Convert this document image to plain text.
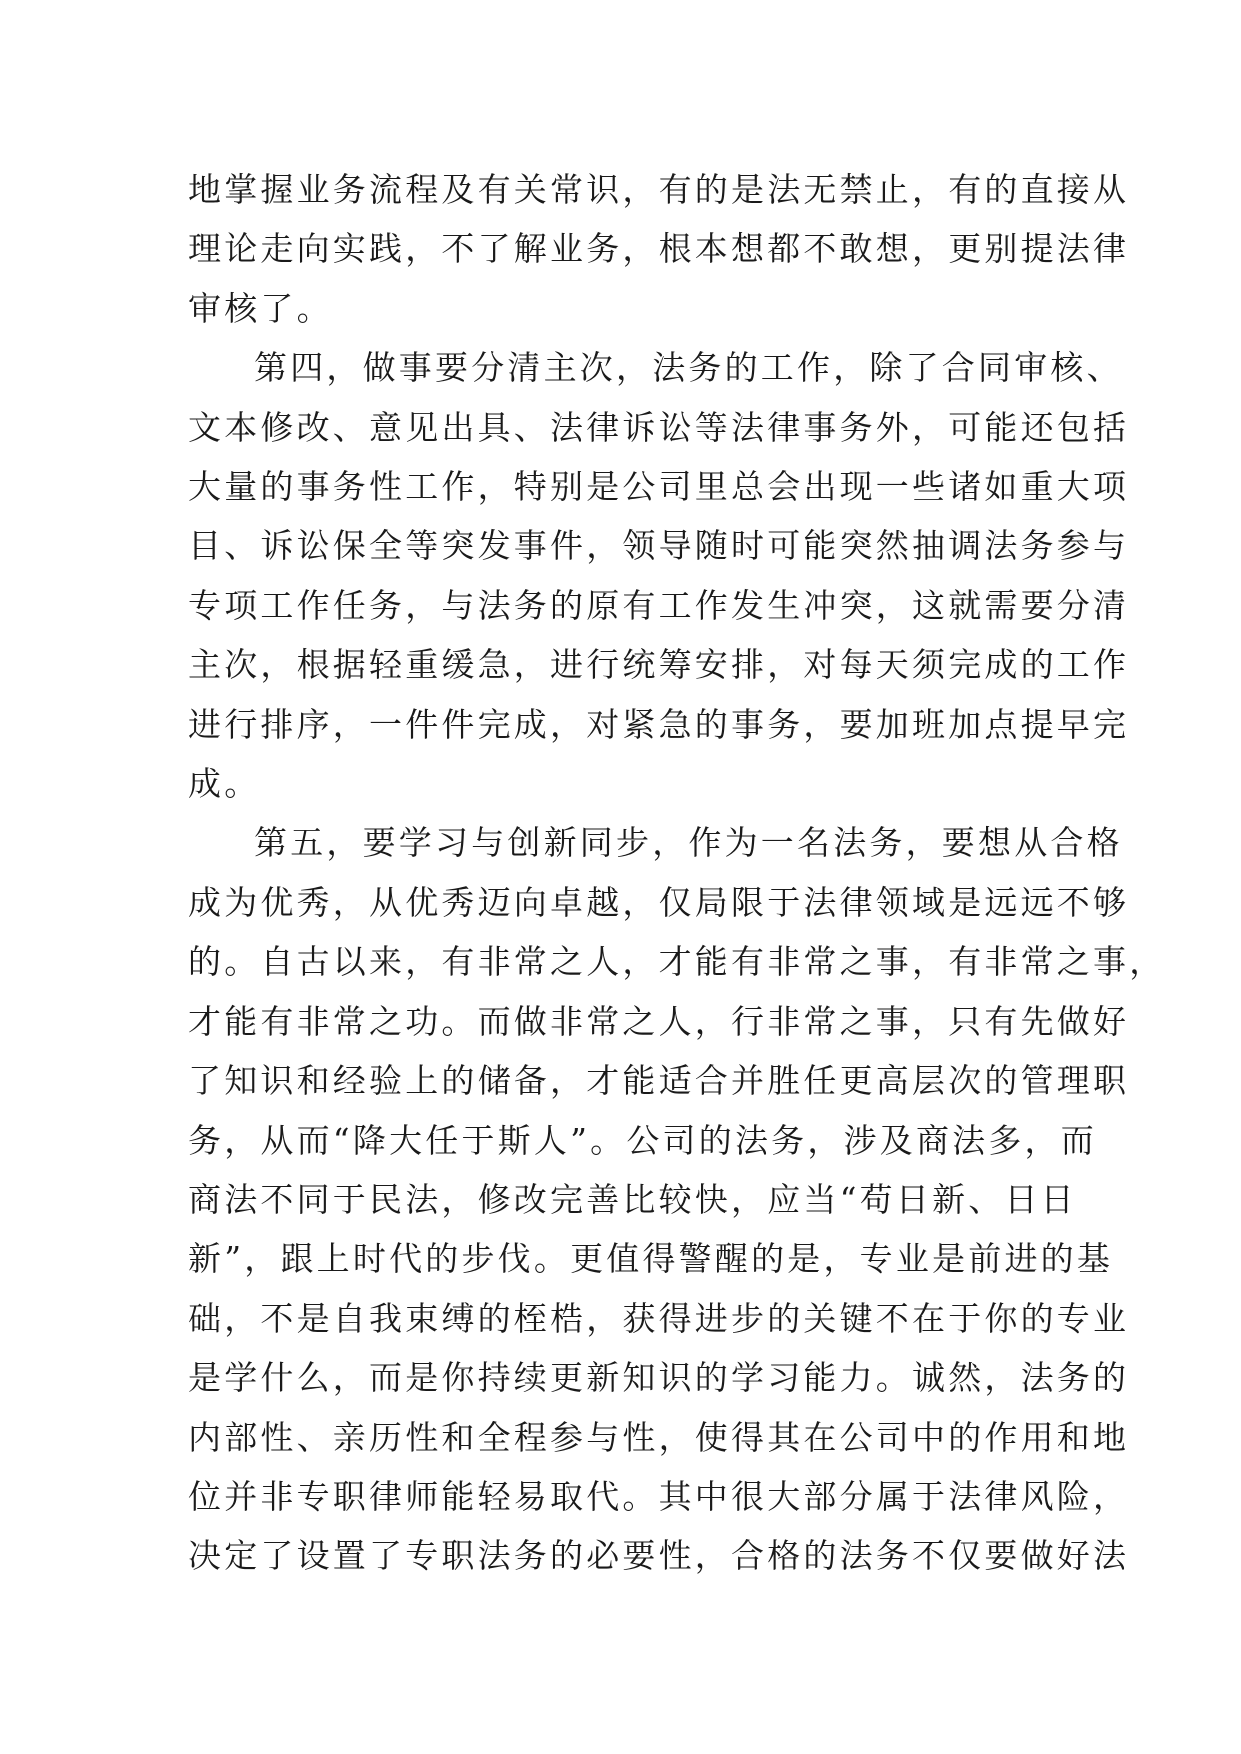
地掌握业务流程及有关常识，有的是法无禁止，有的直接从
理论走向实践，不了解业务，根本想都不敢想，更别提法律
审核了。
第四，做事要分清主次，法务的工作，除了合同审核、
文本修改、意见出具、法律诉讼等法律事务外，可能还包括
大量的事务性工作，特别是公司里总会出现一些诸如重大项
目、诉讼保全等突发事件，领导随时可能突然抽调法务参与
专项工作任务，与法务的原有工作发生冲突，这就需要分清
主次，根据轻重缓急，进行统筹安排，对每天须完成的工作
进行排序，一件件完成，对紧急的事务，要加班加点提早完
成。
第五，要学习与创新同步，作为一名法务，要想从合格
成为优秀，从优秀迈向卓越，仅局限于法律领域是远远不够
的。自古以来，有非常之人，才能有非常之事，有非常之事，
才能有非常之功。而做非常之人，行非常之事，只有先做好
了知识和经验上的储备，才能适合并胜任更高层次的管理职
务，从而“降大任于斯人”。公司的法务，涉及商法多，而
商法不同于民法，修改完善比较快，应当“苟日新、日日
新”，跟上时代的步伐。更值得警醒的是，专业是前进的基
础，不是自我束缚的桎梏，获得进步的关键不在于你的专业
是学什么，而是你持续更新知识的学习能力。诚然，法务的
内部性、亲历性和全程参与性，使得其在公司中的作用和地
位并非专职律师能轻易取代。其中很大部分属于法律风险，
决定了设置了专职法务的必要性，合格的法务不仅要做好法
